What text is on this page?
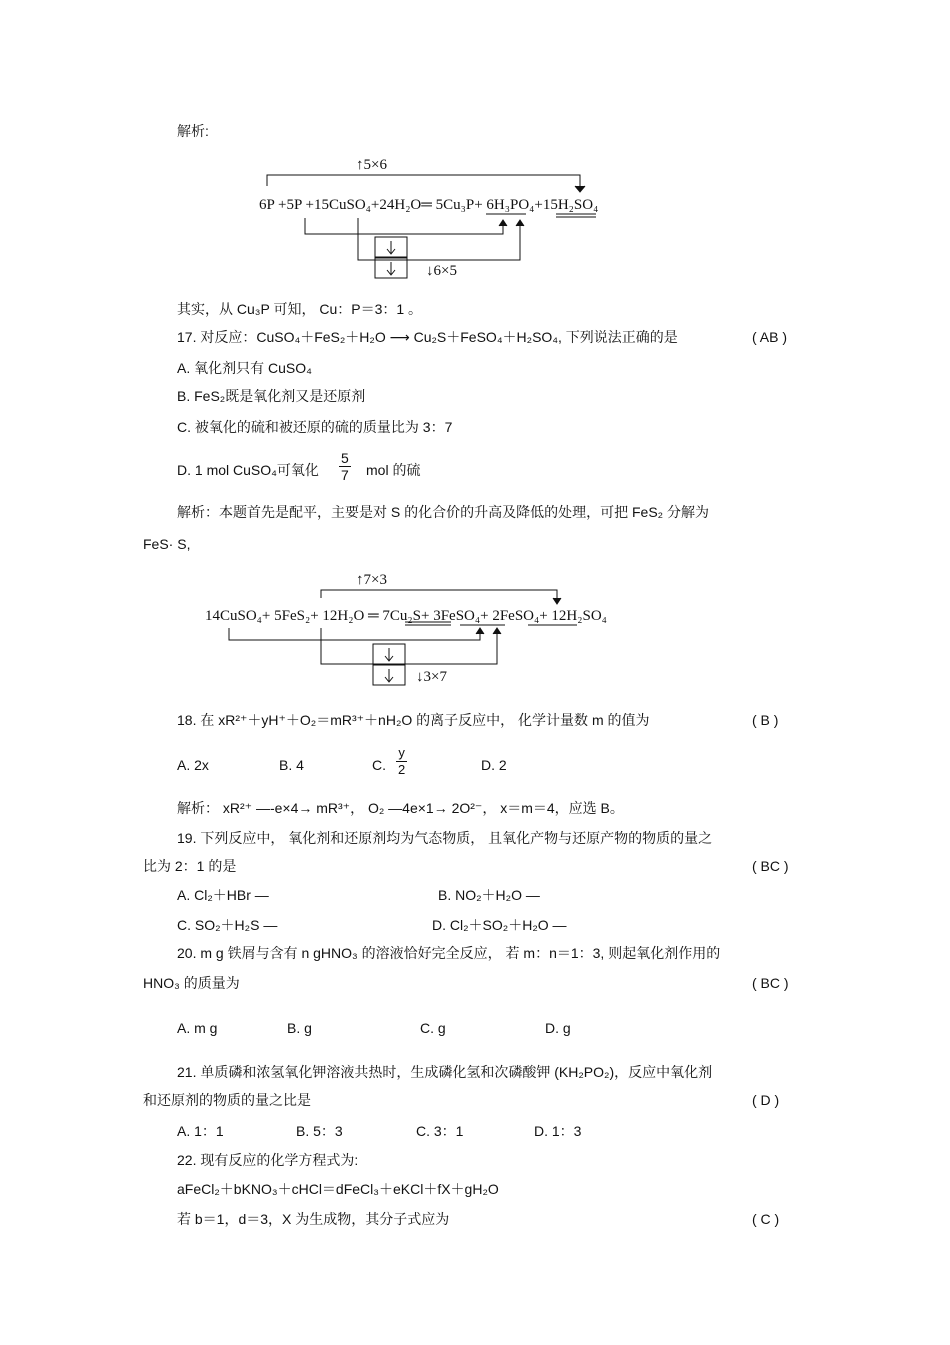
解析:
↑5×6
6P +5P +15CuSO₄+24H₂O═ 5Cu₃P+ 6H₃PO₄+15H₂SO₄
↓6×5
其实，从 Cu₃P 可知， Cu：P＝3：1 。
17. 对反应：CuSO₄＋FeS₂＋H₂O ⟶ Cu₂S＋FeSO₄＋H₂SO₄, 下列说法正确的是	( AB )
A. 氧化剂只有 CuSO₄
B. FeS₂既是氧化剂又是还原剂
C. 被氧化的硫和被还原的硫的质量比为 3：7
D. 1 mol CuSO₄可氧化 $\frac{5}{7}$ mol 的硫
解析：本题首先是配平，主要是对 S 的化合价的升高及降低的处理，可把 FeS₂ 分解为
FeS· S,
↑7×3
14CuSO₄+ 5FeS₂+ 12H₂O ═ 7Cu₂S+ 3FeSO₄+ 2FeSO₄+ 12H₂SO₄
↓3×7
18. 在 xR²⁺＋yH⁺＋O₂＝mR³⁺＋nH₂O 的离子反应中， 化学计量数 m 的值为	( B )
A. 2x	B. 4	C. $\frac{y}{2}$	D. 2
解析： xR²⁺ —-e×4→ mR³⁺， O₂ —4e×1→ 2O²⁻， x＝m＝4，应选 B。
19. 下列反应中， 氧化剂和还原剂均为气态物质， 且氧化产物与还原产物的物质的量之
比为 2：1 的是	( BC )
A. Cl₂＋HBr —	B. NO₂＋H₂O —
C. SO₂＋H₂S —	D. Cl₂＋SO₂＋H₂O —
20. m g 铁屑与含有 n gHNO₃ 的溶液恰好完全反应， 若 m：n＝1：3, 则起氧化剂作用的
HNO₃ 的质量为	( BC )
A. m g	B. g	C. g	D. g
21. 单质磷和浓氢氧化钾溶液共热时，生成磷化氢和次磷酸钾 (KH₂PO₂)，反应中氧化剂
和还原剂的物质的量之比是	( D )
A. 1：1	B. 5：3	C. 3：1	D. 1：3
22. 现有反应的化学方程式为:
aFeCl₂＋bKNO₃＋cHCl＝dFeCl₃＋eKCl＋fX＋gH₂O
若 b＝1，d＝3，X 为生成物，其分子式应为	( C )
